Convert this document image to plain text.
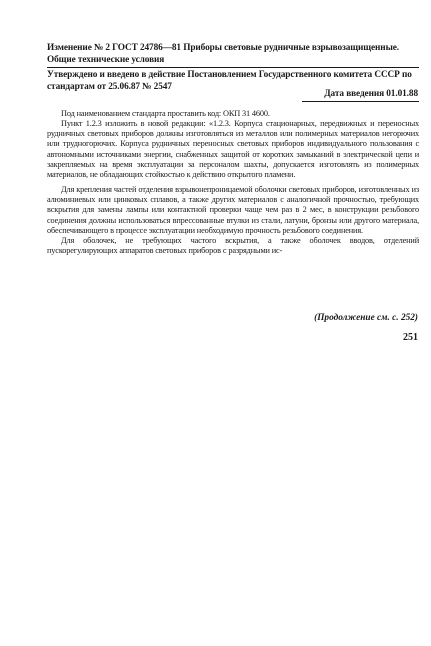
Изменение № 2 ГОСТ 24786—81 Приборы световые рудничные взрывозащищенные. Общие технические условия
Утверждено и введено в действие Постановлением Государственного комитета СССР по стандартам от 25.06.87 № 2547
Дата введения 01.01.88

Под наименованием стандарта проставить код: ОКП 31 4600.

Пункт 1.2.3 изложить в новой редакции: «1.2.3. Корпуса стационарных, передвижных и переносных рудничных световых приборов должны изготовляться из металлов или полимерных материалов негорючих или трудногорючих. Корпуса рудничных переносных световых приборов индивидуального пользования с автономными источниками энергии, снабженных защитой от коротких замыканий в электрической цепи и закрепляемых на время эксплуатации за персоналом шахты, допускается изготовлять из полимерных материалов, не обладающих стойкостью к действию открытого пламени.

Для крепления частей отделения взрывонепроницаемой оболочки световых приборов, изготовленных из алюминиевых или цинковых сплавов, а также других материалов с аналогичной прочностью, требующих вскрытия для замены лампы или контактной проверки чаще чем раз в 2 мес, в конструкции резьбового соединения должны использоваться впрессованные втулки из стали, латуни, бронзы или другого материала, обеспечивающего в процессе эксплуатации необходимую прочность резьбового соединения.

Для оболочек, не требующих частого вскрытия, а также оболочек вводов, отделений пускорегулирующих аппаратов световых приборов с разрядными ис-

(Продолжение см. с. 252)
251
